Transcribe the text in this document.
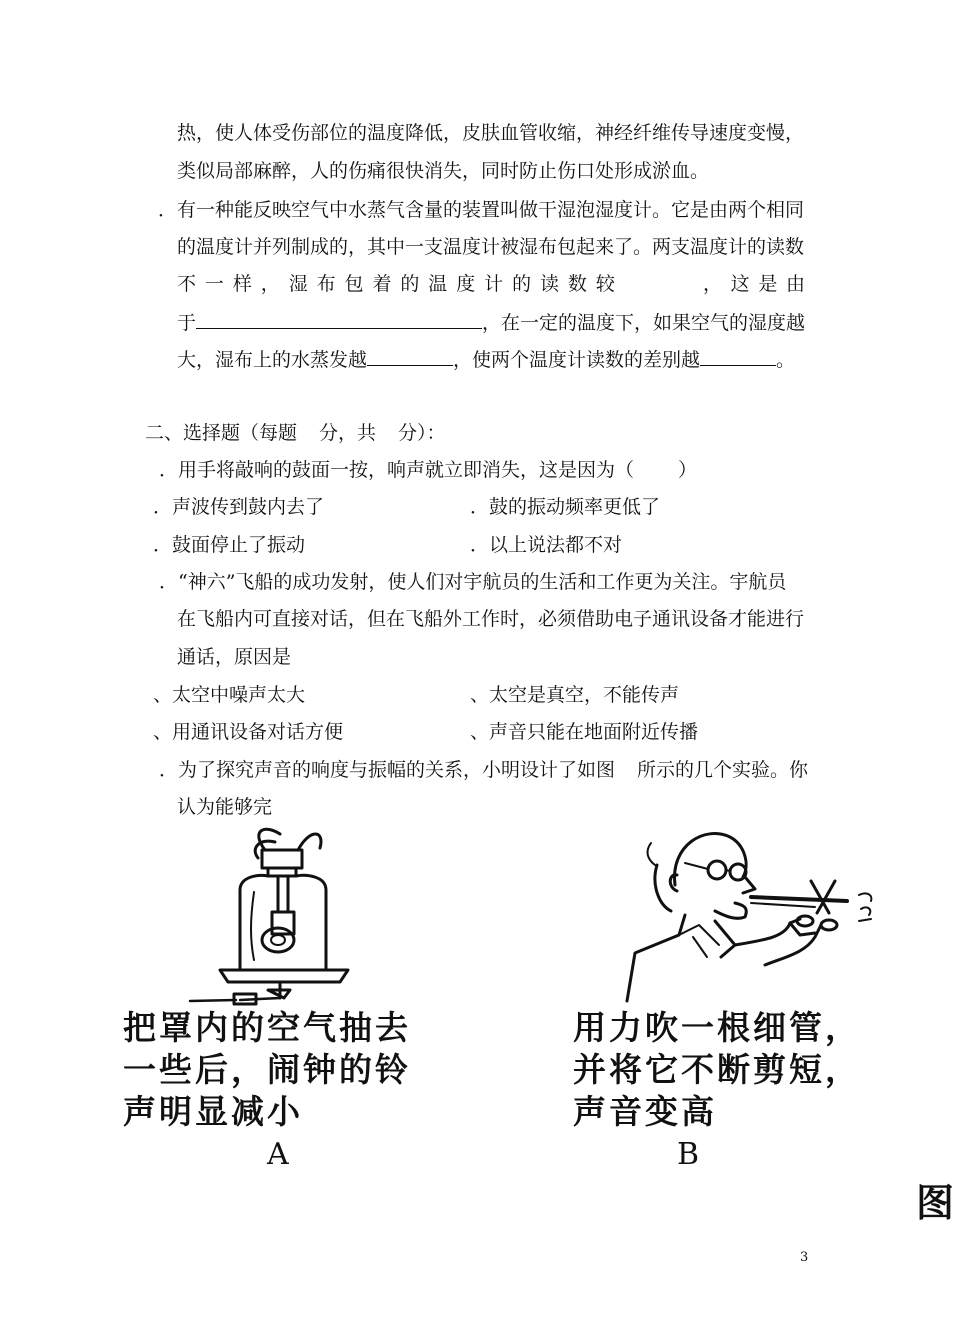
热，使人体受伤部位的温度降低，皮肤血管收缩，神经纤维传导速度变慢，
类似局部麻醉，人的伤痛很快消失，同时防止伤口处形成淤血。
．有一种能反映空气中水蒸气含量的装置叫做干湿泡湿度计。它是由两个相同
的温度计并列制成的，其中一支温度计被湿布包起来了。两支温度计的读数
不 一 样 ， 湿 布 包 着 的 温 度 计 的 读 数 较	， 这 是 由
于	，在一定的温度下，如果空气的湿度越
大，湿布上的水蒸发越	，使两个温度计读数的差别越	。
二、选择题（每题 分，共 分）：
．用手将敲响的鼓面一按，响声就立即消失，这是因为（ ）
．声波传到鼓内去了	．鼓的振动频率更低了
．鼓面停止了振动	．以上说法都不对
．“神六”飞船的成功发射，使人们对宇航员的生活和工作更为关注。宇航员
在飞船内可直接对话，但在飞船外工作时，必须借助电子通讯设备才能进行
通话，原因是
、太空中噪声太大	、太空是真空，不能传声
、用通讯设备对话方便	、声音只能在地面附近传播
．为了探究声音的响度与振幅的关系，小明设计了如图 所示的几个实验。你
认为能够完
把罩内的空气抽去
一些后，闹钟的铃
声明显减小
A
用力吹一根细管，
并将它不断剪短，
声音变高
B
图
3
